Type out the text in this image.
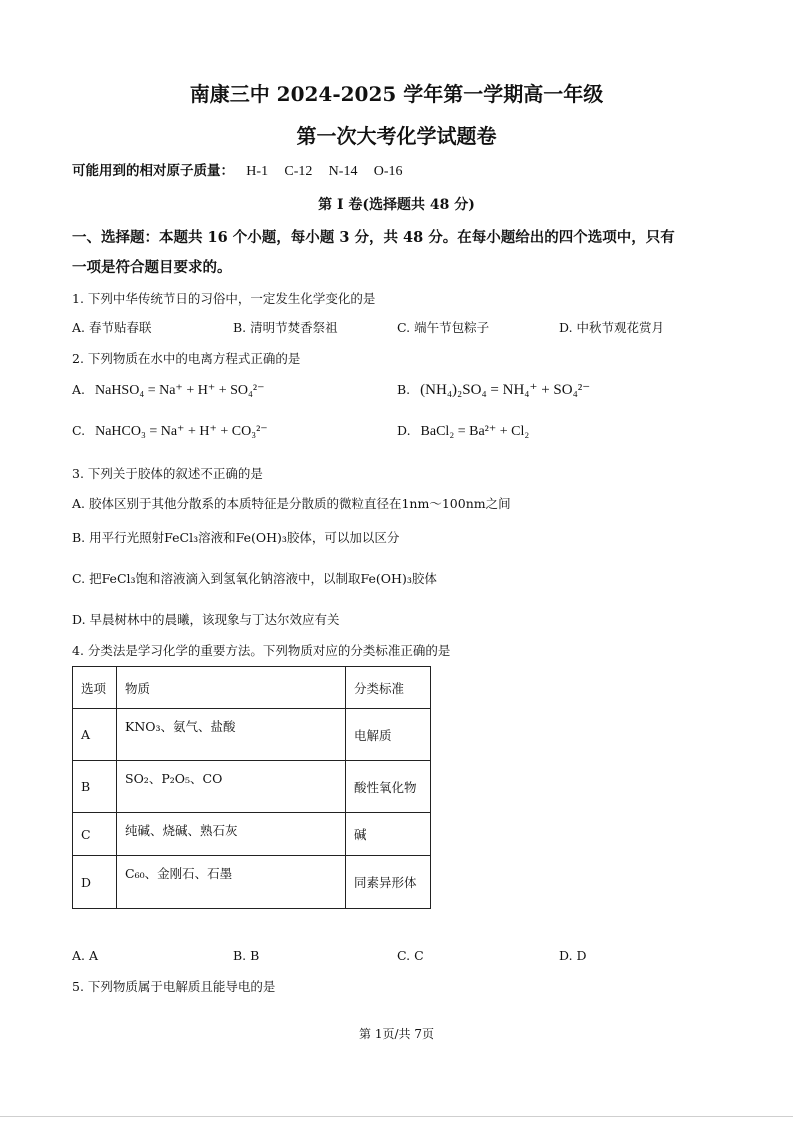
南康三中 2024-2025 学年第一学期高一年级
第一次大考化学试题卷
可能用到的相对原子质量： H-1 C-12 N-14 O-16
第 I 卷(选择题共 48 分)
一、选择题：本题共 16 个小题，每小题 3 分，共 48 分。在每小题给出的四个选项中，只有
一项是符合题目要求的。
1. 下列中华传统节日的习俗中，一定发生化学变化的是
A. 春节贴春联	B. 清明节焚香祭祖	C. 端午节包粽子	D. 中秋节观花赏月
2. 下列物质在水中的电离方程式正确的是
A. NaHSO₄ = Na⁺ + H⁺ + SO₄²⁻	B. (NH₄)₂SO₄ = NH₄⁺ + SO₄²⁻
C. NaHCO₃ = Na⁺ + H⁺ + CO₃²⁻	D. BaCl₂ = Ba²⁺ + Cl₂
3. 下列关于胶体的叙述不正确的是
A. 胶体区别于其他分散系的本质特征是分散质的微粒直径在1nm～100nm之间
B. 用平行光照射FeCl₃溶液和Fe(OH)₃胶体，可以加以区分
C. 把FeCl₃饱和溶液滴入到氢氧化钠溶液中，以制取Fe(OH)₃胶体
D. 早晨树林中的晨曦，该现象与丁达尔效应有关
4. 分类法是学习化学的重要方法。下列物质对应的分类标准正确的是
选项	物质	分类标准
A	KNO₃、氨气、盐酸	电解质
B	SO₂、P₂O₅、CO	酸性氧化物
C	纯碱、烧碱、熟石灰	碱
D	C₆₀、金刚石、石墨	同素异形体
A. A	B. B	C. C	D. D
5. 下列物质属于电解质且能导电的是
第 1页/共 7页
